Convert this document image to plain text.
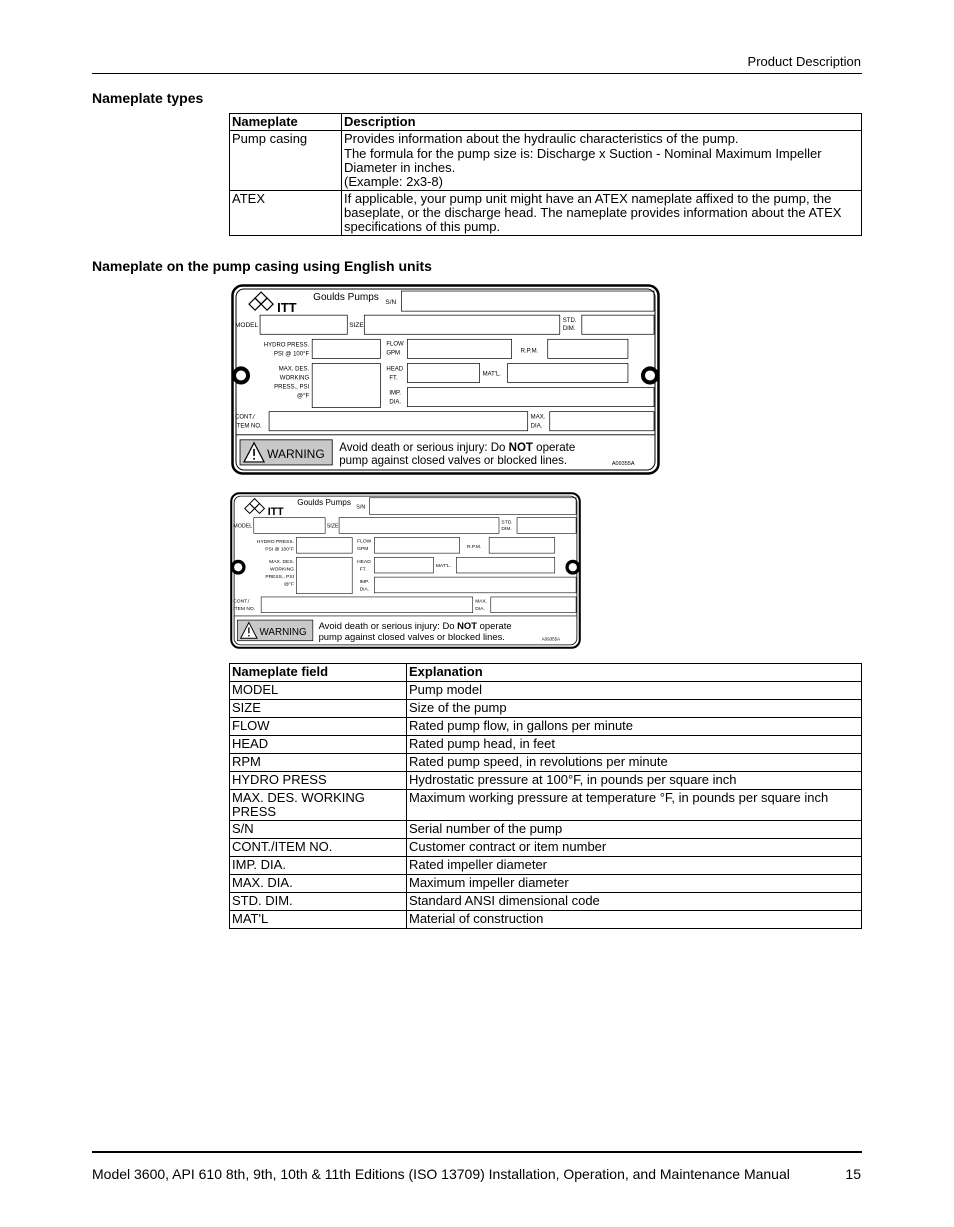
Product Description
Nameplate types
Nameplate	Description
Pump casing	Provides information about the hydraulic characteristics of the pump.
The formula for the pump size is: Discharge x Suction - Nominal Maximum Impeller Diameter in inches.
(Example: 2x3-8)

ATEX	If applicable, your pump unit might have an ATEX nameplate affixed to the pump, the baseplate, or the discharge head. The nameplate provides information about the ATEX specifications of this pump.
Nameplate on the pump casing using English units
ITT
Goulds Pumps S/N
MODEL	SIZE
STD.
DIM.
HYDRO PRESS.
PSI @ 100°F
FLOW
GPM	R.P.M.
MAX. DES.
WORKING
PRESS., PSI
@°F
HEAD
FT.
MAT'L.
IMP.
DIA.
CONT./
ITEM NO.
MAX.
DIA.
WARNING Avoid death or serious injury: Do NOT operate
pump against closed valves or blocked lines.	A09355A
ITT
Goulds Pumps
S/N
MODEL	SIZE
STD.
DIM.
HYDRO PRESS.
PSI @ 100°F
FLOW
GPM	R.P.M.
MAX. DES.
WORKING
PRESS., PSI
@°F
HEAD
FT.
MAT'L.
IMP.
DIA.
CONT./
ITEM NO.
MAX.
DIA.
WARNING
Avoid death or serious injury: Do NOT operate
pump against closed valves or blocked lines.	A09355A
Nameplate field	Explanation
MODEL	Pump model
SIZE	Size of the pump
FLOW	Rated pump flow, in gallons per minute
HEAD	Rated pump head, in feet
RPM	Rated pump speed, in revolutions per minute
HYDRO PRESS	Hydrostatic pressure at 100°F, in pounds per square inch
MAX. DES. WORKING PRESS	Maximum working pressure at temperature °F, in pounds per square inch
S/N	Serial number of the pump
CONT./ITEM NO.	Customer contract or item number
IMP. DIA.	Rated impeller diameter
MAX. DIA.	Maximum impeller diameter
STD. DIM.	Standard ANSI dimensional code
MAT'L	Material of construction
Model 3600, API 610 8th, 9th, 10th & 11th Editions (ISO 13709) Installation, Operation, and Maintenance Manual	15
